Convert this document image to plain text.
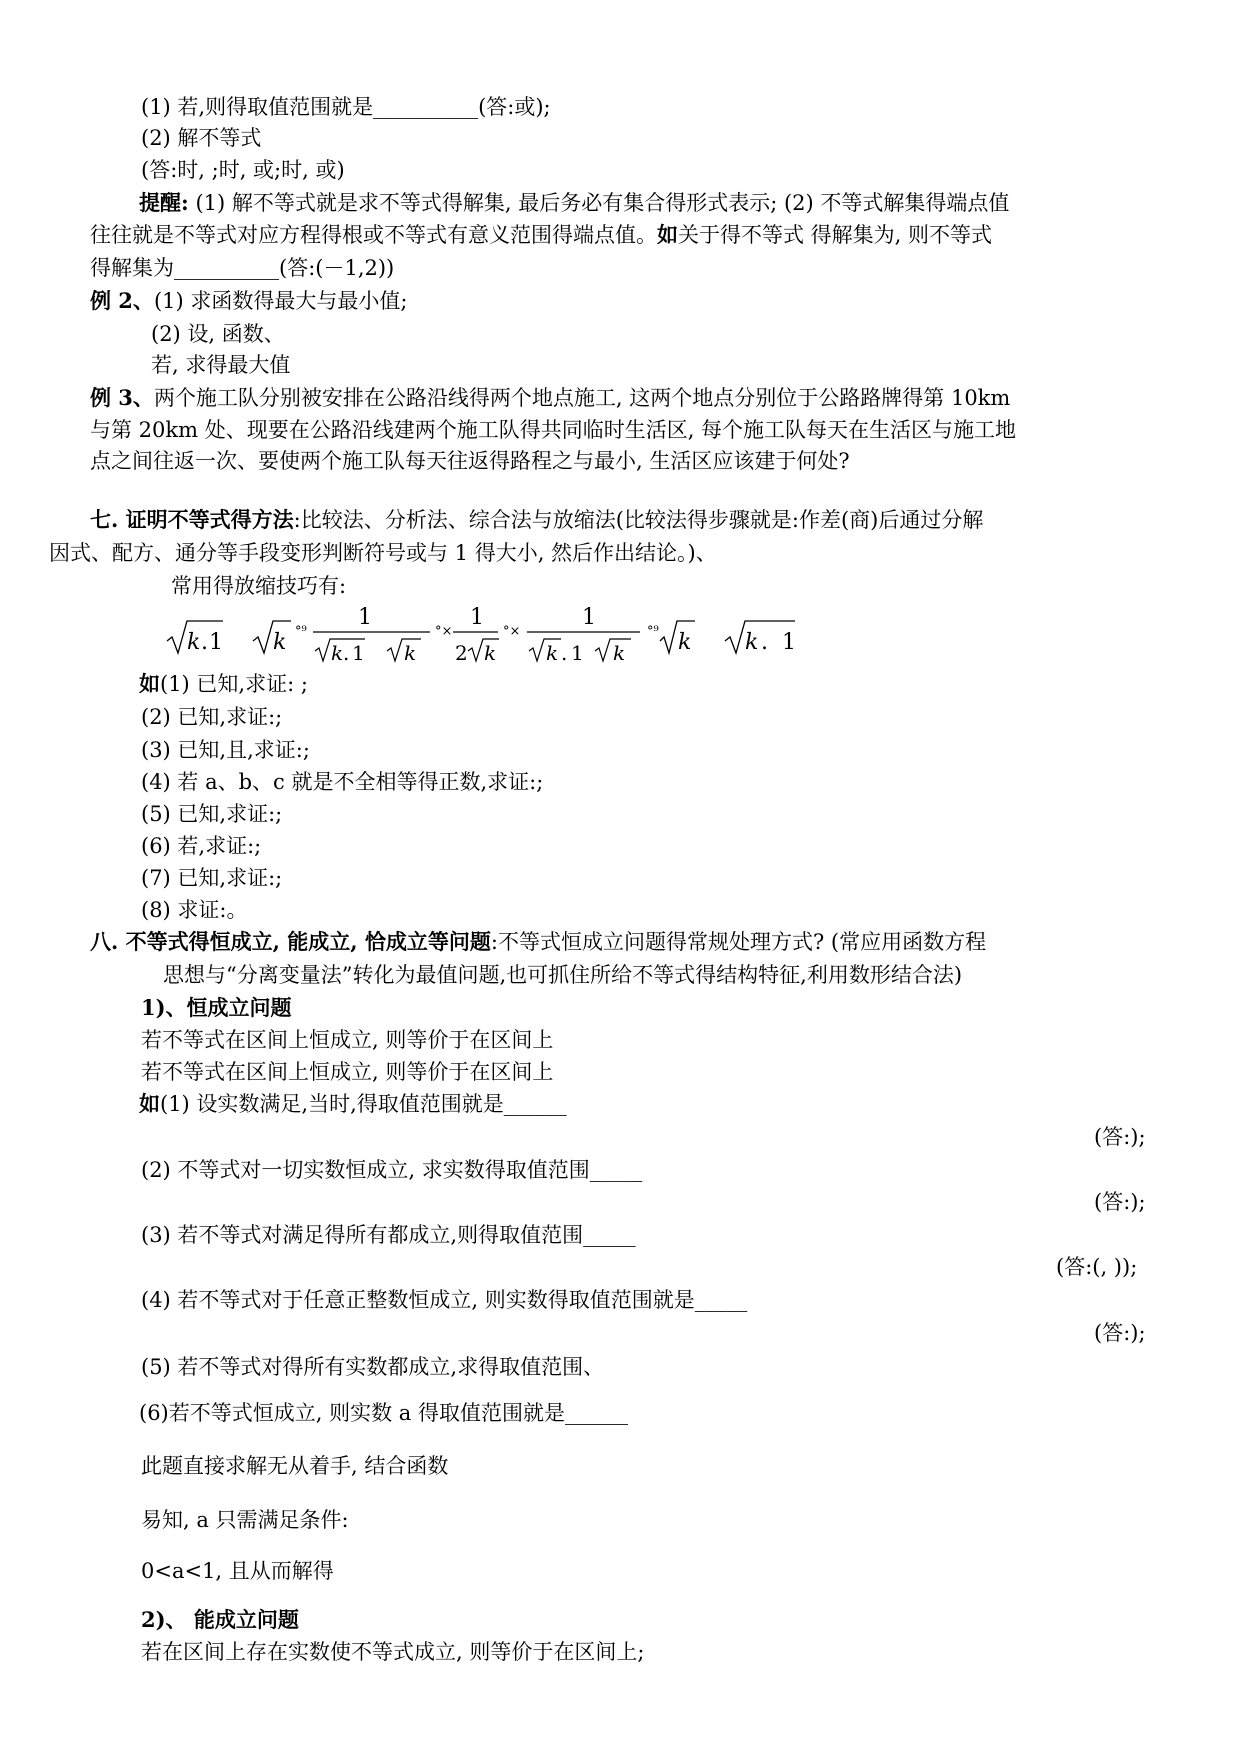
(1) 若,则得取值范围就是__________(答:或);
(2) 解不等式
(答:时, ;时, 或;时, 或)
提醒: (1) 解不等式就是求不等式得解集, 最后务必有集合得形式表示; (2) 不等式解集得端点值
往往就是不等式对应方程得根或不等式有意义范围得端点值。如关于得不等式 得解集为, 则不等式
得解集为__________(答:(－1,2))
例 2、(1) 求函数得最大与最小值;
(2) 设, 函数、
若, 求得最大值
例 3、两个施工队分别被安排在公路沿线得两个地点施工, 这两个地点分别位于公路路牌得第 10km
与第 20km 处、现要在公路沿线建两个施工队得共同临时生活区, 每个施工队每天在生活区与施工地
点之间往返一次、要使两个施工队每天往返得路程之与最小, 生活区应该建于何处?
七. 证明不等式得方法:比较法、分析法、综合法与放缩法(比较法得步骤就是:作差(商)后通过分解
因式、配方、通分等手段变形判断符号或与 1 得大小, 然后作出结论。)、
常用得放缩技巧有:
k . 1 k °⁹
1
k . 1 k
°×
1
2 k
°×
1
k . 1 k
°⁹ k k . 1
如(1) 已知,求证: ;
(2) 已知,求证:;
(3) 已知,且,求证:;
(4) 若 a、b、c 就是不全相等得正数,求证:;
(5) 已知,求证:;
(6) 若,求证:;
(7) 已知,求证:;
(8) 求证:。
八. 不等式得恒成立, 能成立, 恰成立等问题:不等式恒成立问题得常规处理方式? (常应用函数方程
思想与“分离变量法”转化为最值问题,也可抓住所给不等式得结构特征,利用数形结合法)
1)、恒成立问题
若不等式在区间上恒成立, 则等价于在区间上
若不等式在区间上恒成立, 则等价于在区间上
如(1) 设实数满足,当时,得取值范围就是______
(答:);
(2) 不等式对一切实数恒成立, 求实数得取值范围_____
(答:);
(3) 若不等式对满足得所有都成立,则得取值范围_____
(答:(, ));
(4) 若不等式对于任意正整数恒成立, 则实数得取值范围就是_____
(答:);
(5) 若不等式对得所有实数都成立,求得取值范围、
(6)若不等式恒成立, 则实数 a 得取值范围就是______
此题直接求解无从着手, 结合函数
易知, a 只需满足条件:
0<a<1, 且从而解得
2)、 能成立问题
若在区间上存在实数使不等式成立, 则等价于在区间上;
